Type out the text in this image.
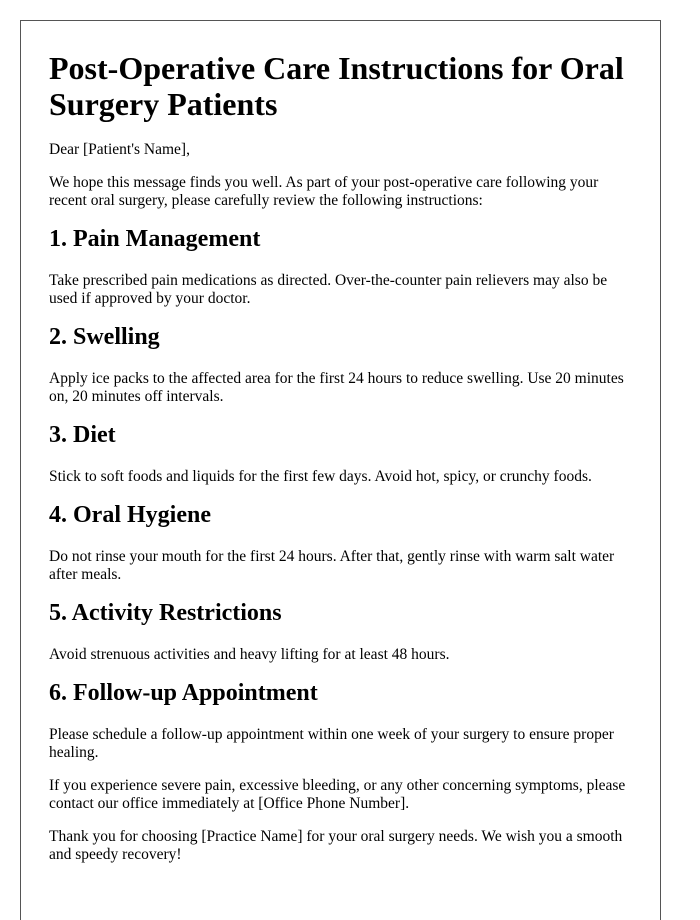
Post-Operative Care Instructions for Oral Surgery Patients

Dear [Patient's Name],

We hope this message finds you well. As part of your post-operative care following your recent oral surgery, please carefully review the following instructions:

1. Pain Management

Take prescribed pain medications as directed. Over-the-counter pain relievers may also be used if approved by your doctor.

2. Swelling

Apply ice packs to the affected area for the first 24 hours to reduce swelling. Use 20 minutes on, 20 minutes off intervals.

3. Diet

Stick to soft foods and liquids for the first few days. Avoid hot, spicy, or crunchy foods.

4. Oral Hygiene

Do not rinse your mouth for the first 24 hours. After that, gently rinse with warm salt water after meals.

5. Activity Restrictions

Avoid strenuous activities and heavy lifting for at least 48 hours.

6. Follow-up Appointment

Please schedule a follow-up appointment within one week of your surgery to ensure proper healing.

If you experience severe pain, excessive bleeding, or any other concerning symptoms, please contact our office immediately at [Office Phone Number].

Thank you for choosing [Practice Name] for your oral surgery needs. We wish you a smooth and speedy recovery!
